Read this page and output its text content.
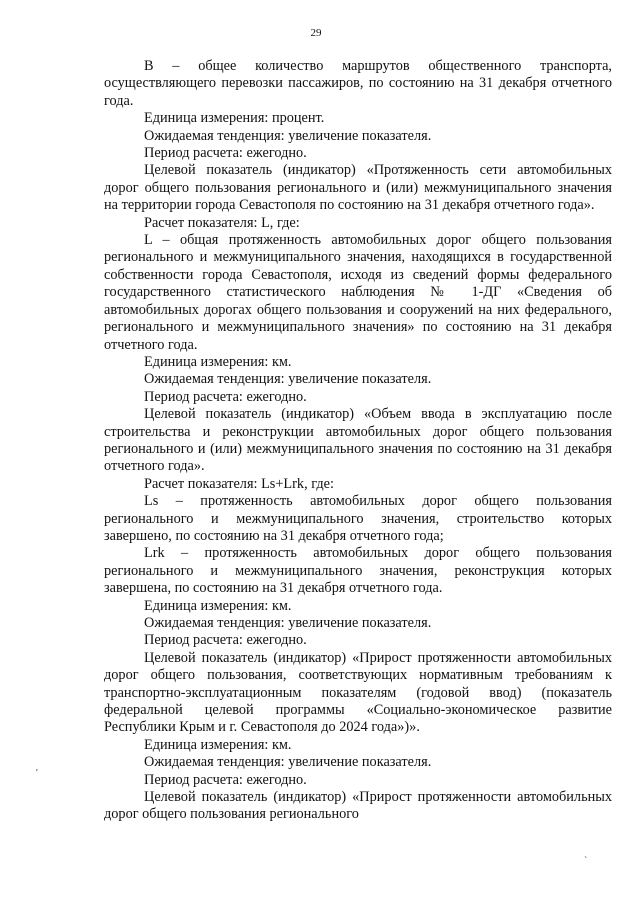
29

B – общее количество маршрутов общественного транспорта, осуществляющего перевозки пассажиров, по состоянию на 31 декабря отчетного года.

Единица измерения: процент.

Ожидаемая тенденция: увеличение показателя.

Период расчета: ежегодно.

Целевой показатель (индикатор) «Протяженность сети автомобильных дорог общего пользования регионального и (или) межмуниципального значения на территории города Севастополя по состоянию на 31 декабря отчетного года».

Расчет показателя: L, где:

L – общая протяженность автомобильных дорог общего пользования регионального и межмуниципального значения, находящихся в государственной собственности города Севастополя, исходя из сведений формы федерального государственного статистического наблюдения № 1-ДГ «Сведения об автомобильных дорогах общего пользования и сооружений на них федерального, регионального и межмуниципального значения» по состоянию на 31 декабря отчетного года.

Единица измерения: км.

Ожидаемая тенденция: увеличение показателя.

Период расчета: ежегодно.

Целевой показатель (индикатор) «Объем ввода в эксплуатацию после строительства и реконструкции автомобильных дорог общего пользования регионального и (или) межмуниципального значения по состоянию на 31 декабря отчетного года».

Расчет показателя: Ls+Lrk, где:

Ls – протяженность автомобильных дорог общего пользования регионального и межмуниципального значения, строительство которых завершено, по состоянию на 31 декабря отчетного года;

Lrk – протяженность автомобильных дорог общего пользования регионального и межмуниципального значения, реконструкция которых завершена, по состоянию на 31 декабря отчетного года.

Единица измерения: км.

Ожидаемая тенденция: увеличение показателя.

Период расчета: ежегодно.

Целевой показатель (индикатор) «Прирост протяженности автомобильных дорог общего пользования, соответствующих нормативным требованиям к транспортно-эксплуатационным показателям (годовой ввод) (показатель федеральной целевой программы «Социально-экономическое развитие Республики Крым и г. Севастополя до 2024 года»)».

Единица измерения: км.

Ожидаемая тенденция: увеличение показателя.

Период расчета: ежегодно.

Целевой показатель (индикатор) «Прирост протяженности автомобильных дорог общего пользования регионального

'
ˋ
